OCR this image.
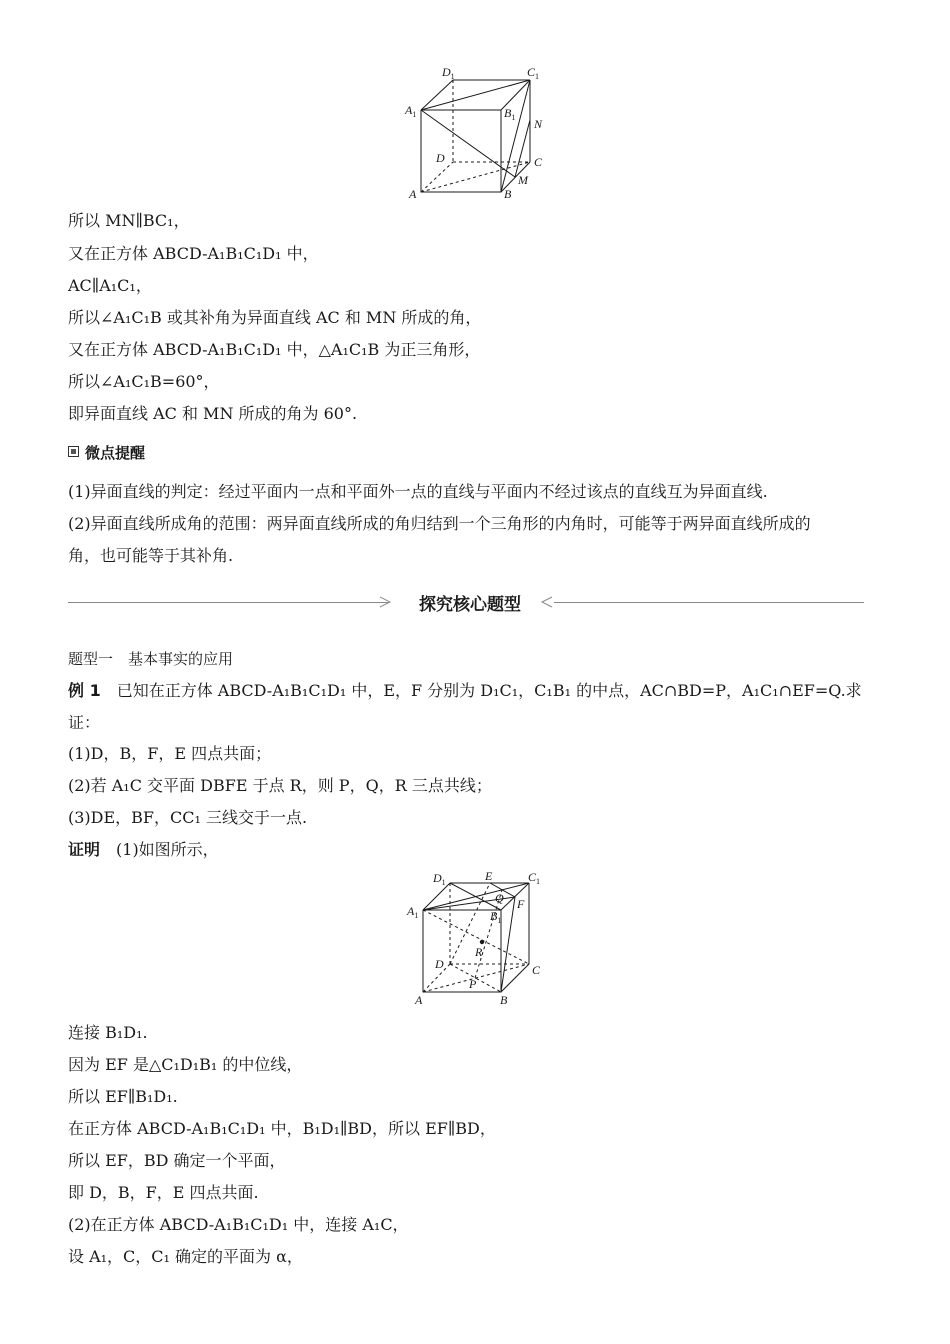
$D_1$	$C_1$
$A_1$	$B_1$ N
D	C
A	B
M
所以 MN∥BC₁，
又在正方体 ABCD-A₁B₁C₁D₁ 中，
AC∥A₁C₁，
所以∠A₁C₁B 或其补角为异面直线 AC 和 MN 所成的角，
又在正方体 ABCD-A₁B₁C₁D₁ 中，△A₁C₁B 为正三角形，
所以∠A₁C₁B=60°，
即异面直线 AC 和 MN 所成的角为 60°.
微点提醒
(1)异面直线的判定：经过平面内一点和平面外一点的直线与平面内不经过该点的直线互为异面直线.
(2)异面直线所成角的范围：两异面直线所成的角归结到一个三角形的内角时，可能等于两异面直线所成的
角，也可能等于其补角.
探究核心题型
题型一　基本事实的应用
例 1　已知在正方体 ABCD-A₁B₁C₁D₁ 中，E，F 分别为 D₁C₁，C₁B₁ 的中点，AC∩BD=P，A₁C₁∩EF=Q.求
证：
(1)D，B，F，E 四点共面；
(2)若 A₁C 交平面 DBFE 于点 R，则 P，Q，R 三点共线；
(3)DE，BF，CC₁ 三线交于一点.
证明　(1)如图所示，
$D_1$	E	$C_1$
$A_1$
Q
$B_1$
F
R
D	C
A
P
B
连接 B₁D₁.
因为 EF 是△C₁D₁B₁ 的中位线，
所以 EF∥B₁D₁.
在正方体 ABCD-A₁B₁C₁D₁ 中，B₁D₁∥BD，所以 EF∥BD，
所以 EF，BD 确定一个平面，
即 D，B，F，E 四点共面.
(2)在正方体 ABCD-A₁B₁C₁D₁ 中，连接 A₁C，
设 A₁，C，C₁ 确定的平面为 α，
